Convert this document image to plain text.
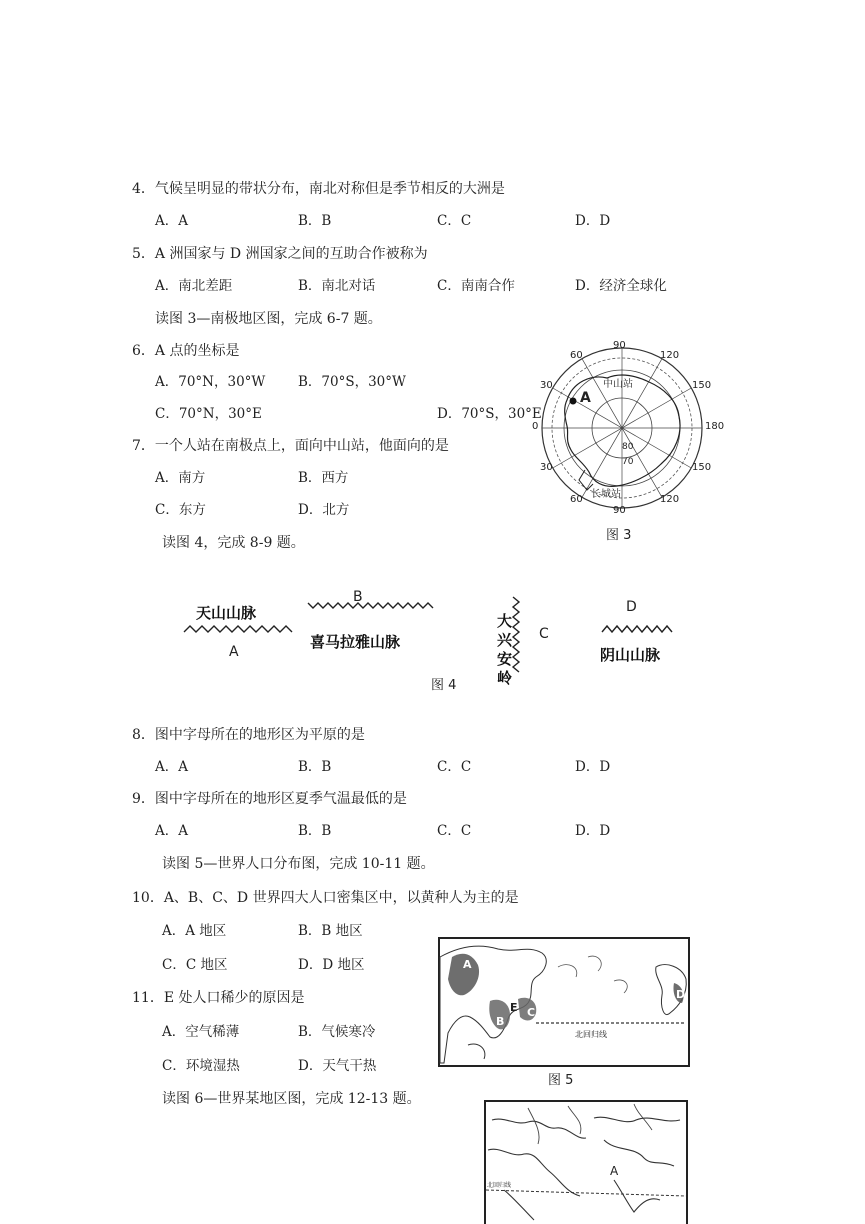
4．气候呈明显的带状分布，南北对称但是季节相反的大洲是
A．A	B．B	C．C	D．D
5．A 洲国家与 D 洲国家之间的互助合作被称为
A．南北差距	B．南北对话	C．南南合作	D．经济全球化
读图 3—南极地区图，完成 6-7 题。
6．A 点的坐标是
A．70°N，30°W B．70°S，30°W
C．70°N，30°E	D．70°S，30°E
7．一个人站在南极点上，面向中山站，他面向的是
A．南方	B．西方
C．东方	D．北方
读图 4，完成 8-9 题。
A
90
60	120
30	150
0	180
30	150
60	120
90
80
70
中山站
长城站
图 3
天山山脉
A
B
喜马拉雅山脉
大兴安岭
C
D
阴山山脉
图 4
8．图中字母所在的地形区为平原的是
A．A	B．B	C．C	D．D
9．图中字母所在的地形区夏季气温最低的是
A．A	B．B	C．C	D．D
读图 5—世界人口分布图，完成 10-11 题。
10．A、B、C、D 世界四大人口密集区中，以黄种人为主的是
A．A 地区	B．B 地区
C．C 地区	D．D 地区
11．E 处人口稀少的原因是
A．空气稀薄	B．气候寒冷
C．环境湿热	D．天气干热
A
B
C
D
E
北回归线
图 5
读图 6—世界某地区图，完成 12-13 题。
A
北回归线
